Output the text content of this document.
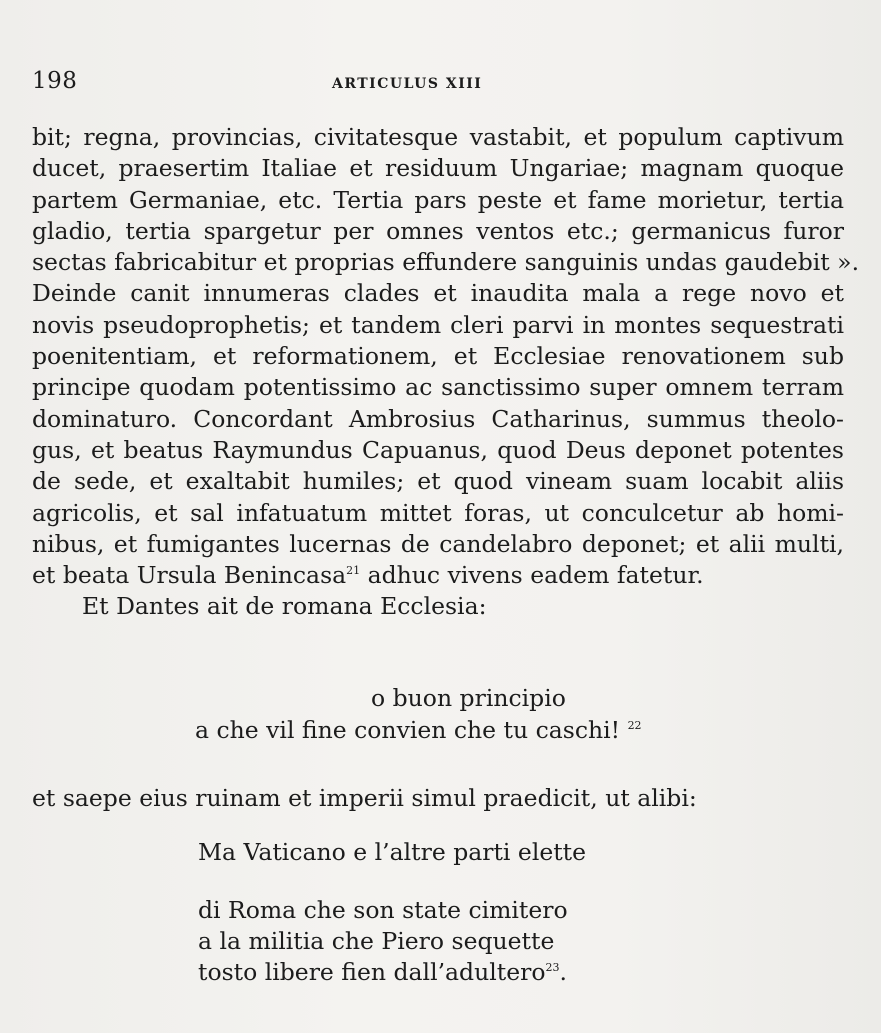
198	ARTICULUS XIII
bit; regna, provincias, civitatesque vastabit, et populum captivum
ducet, praesertim Italiae et residuum Ungariae; magnam quoque
partem Germaniae, etc. Tertia pars peste et fame morietur, tertia
gladio, tertia spargetur per omnes ventos etc.; germanicus furor
sectas fabricabitur et proprias effundere sanguinis undas gaudebit ».
Deinde canit innumeras clades et inaudita mala a rege novo et
novis pseudoprophetis; et tandem cleri parvi in montes sequestrati
poenitentiam, et reformationem, et Ecclesiae renovationem sub
principe quodam potentissimo ac sanctissimo super omnem terram
dominaturo. Concordant Ambrosius Catharinus, summus theolo-
gus, et beatus Raymundus Capuanus, quod Deus deponet potentes
de sede, et exaltabit humiles; et quod vineam suam locabit aliis
agricolis, et sal infatuatum mittet foras, ut conculcetur ab homi-
nibus, et fumigantes lucernas de candelabro deponet; et alii multi,
et beata Ursula Benincasa$^{21}$ adhuc vivens eadem fatetur.
Et Dantes ait de romana Ecclesia:
o buon principio
a che vil fine convien che tu caschi! $^{22}$
et saepe eius ruinam et imperii simul praedicit, ut alibi:
Ma Vaticano e l’altre parti elette
di Roma che son state cimitero
a la militia che Piero sequette
tosto libere fien dall’adultero$^{23}$.
